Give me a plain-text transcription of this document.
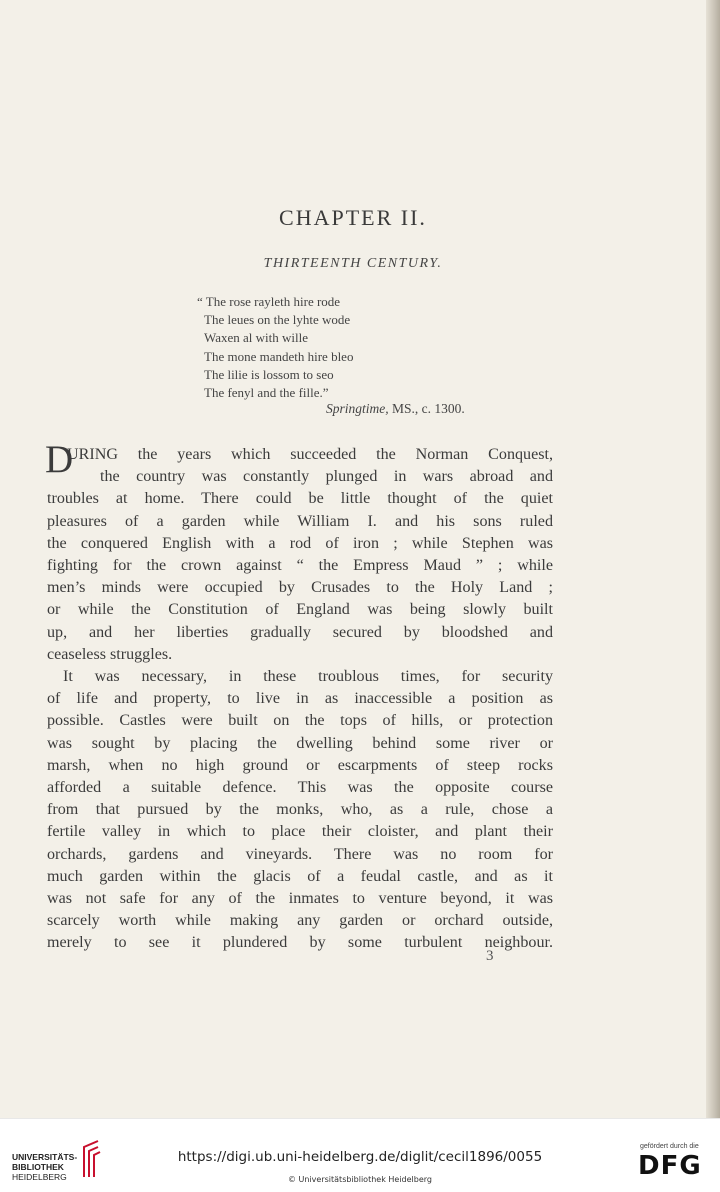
CHAPTER II.
THIRTEENTH CENTURY.
“ The rose rayleth hire rode
The leues on the lyhte wode
Waxen al with wille
The mone mandeth hire bleo
The lilie is lossom to seo
The fenyl and the fille.”
Springtime, MS., c. 1300.
D
URING the years which succeeded the Norman Conquest,
the country was constantly plunged in wars abroad and
troubles at home. There could be little thought of the quiet
pleasures of a garden while William I. and his sons ruled
the conquered English with a rod of iron ; while Stephen was
fighting for the crown against “ the Empress Maud ” ; while
men’s minds were occupied by Crusades to the Holy Land ;
or while the Constitution of England was being slowly built
up, and her liberties gradually secured by bloodshed and
ceaseless struggles.
It was necessary, in these troublous times, for security
of life and property, to live in as inaccessible a position as
possible. Castles were built on the tops of hills, or protection
was sought by placing the dwelling behind some river or
marsh, when no high ground or escarpments of steep rocks
afforded a suitable defence. This was the opposite course
from that pursued by the monks, who, as a rule, chose a
fertile valley in which to place their cloister, and plant their
orchards, gardens and vineyards. There was no room for
much garden within the glacis of a feudal castle, and as it
was not safe for any of the inmates to venture beyond, it was
scarcely worth while making any garden or orchard outside,
merely to see it plundered by some turbulent neighbour.
3
UNIVERSITÄTS-
BIBLIOTHEK
HEIDELBERG
https://digi.ub.uni-heidelberg.de/diglit/cecil1896/0055
© Universitätsbibliothek Heidelberg
gefördert durch die
DFG
